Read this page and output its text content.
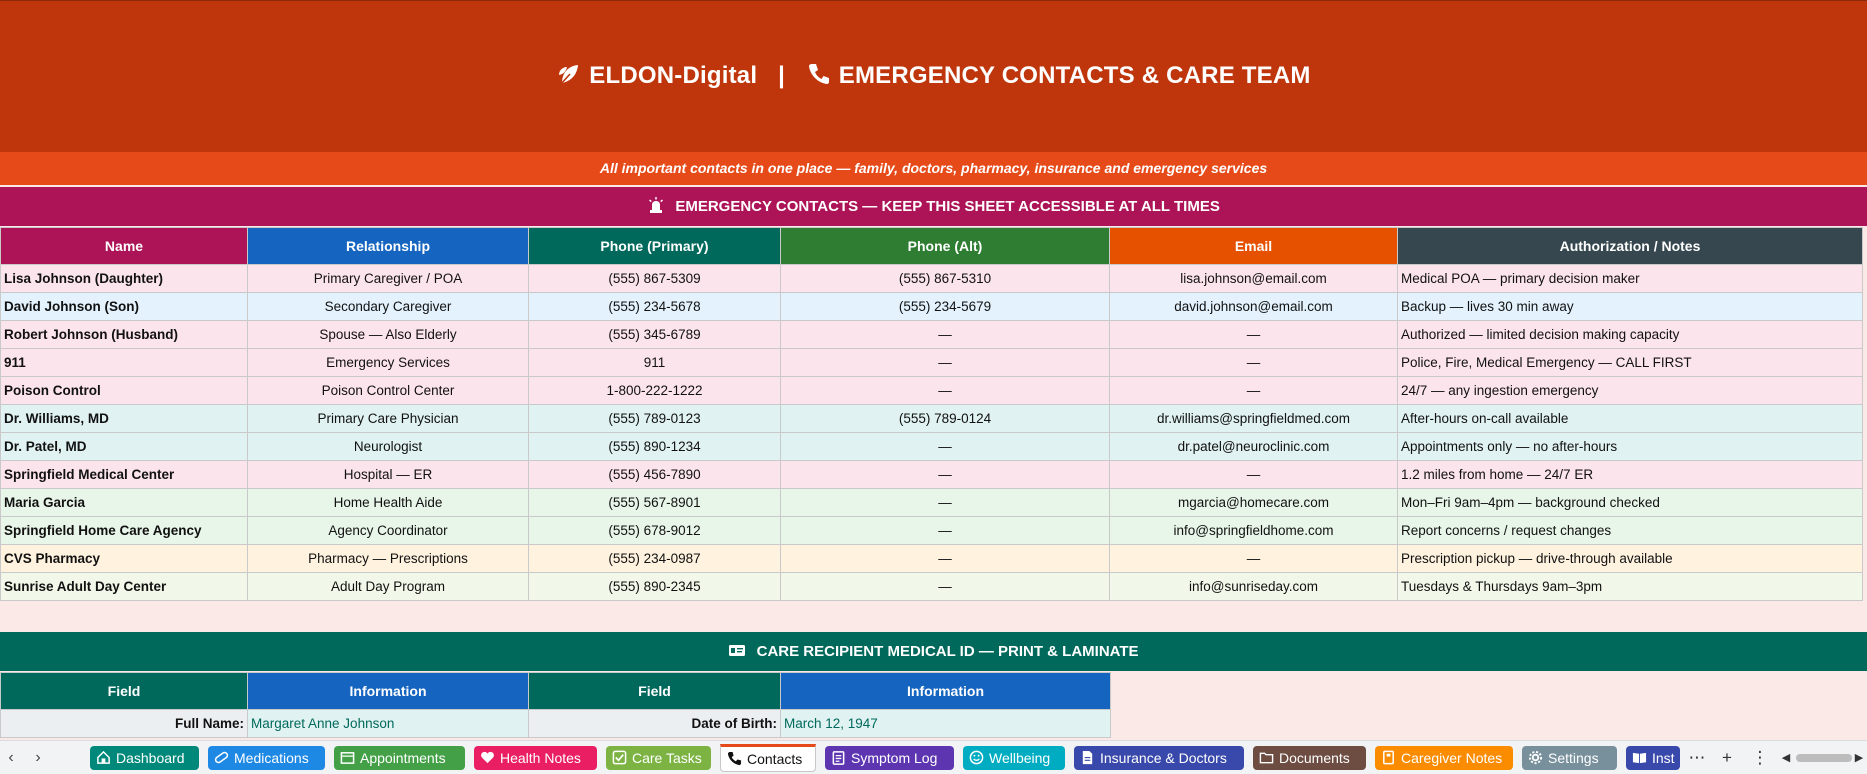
ELDON-Digital | EMERGENCY CONTACTS & CARE TEAM
All important contacts in one place — family, doctors, pharmacy, insurance and emergency services
EMERGENCY CONTACTS — KEEP THIS SHEET ACCESSIBLE AT ALL TIMES
Name	Relationship	Phone (Primary)	Phone (Alt)	Email	Authorization / Notes
Lisa Johnson (Daughter)	Primary Caregiver / POA	(555) 867-5309	(555) 867-5310	lisa.johnson@email.com	Medical POA — primary decision maker
David Johnson (Son)	Secondary Caregiver	(555) 234-5678	(555) 234-5679	david.johnson@email.com	Backup — lives 30 min away
Robert Johnson (Husband)	Spouse — Also Elderly	(555) 345-6789	—	—	Authorized — limited decision making capacity
911	Emergency Services	911	—	—	Police, Fire, Medical Emergency — CALL FIRST
Poison Control	Poison Control Center	1-800-222-1222	—	—	24/7 — any ingestion emergency
Dr. Williams, MD	Primary Care Physician	(555) 789-0123	(555) 789-0124	dr.williams@springfieldmed.com	After-hours on-call available
Dr. Patel, MD	Neurologist	(555) 890-1234	—	dr.patel@neuroclinic.com	Appointments only — no after-hours
Springfield Medical Center	Hospital — ER	(555) 456-7890	—	—	1.2 miles from home — 24/7 ER
Maria Garcia	Home Health Aide	(555) 567-8901	—	mgarcia@homecare.com	Mon–Fri 9am–4pm — background checked
Springfield Home Care Agency	Agency Coordinator	(555) 678-9012	—	info@springfieldhome.com	Report concerns / request changes
CVS Pharmacy	Pharmacy — Prescriptions	(555) 234-0987	—	—	Prescription pickup — drive-through available
Sunrise Adult Day Center	Adult Day Program	(555) 890-2345	—	info@sunriseday.com	Tuesdays & Thursdays 9am–3pm
CARE RECIPIENT MEDICAL ID — PRINT & LAMINATE
Field	Information	Field	Information
Full Name:	Margaret Anne Johnson	Date of Birth:	March 12, 1947
‹	›	Dashboard	Medications	Appointments	Health Notes	Care Tasks	Contacts	Symptom Log	Wellbeing	Insurance & Doctors	Documents	Caregiver Notes	Settings	Inst ⋯ +	⋮	◀	▶
